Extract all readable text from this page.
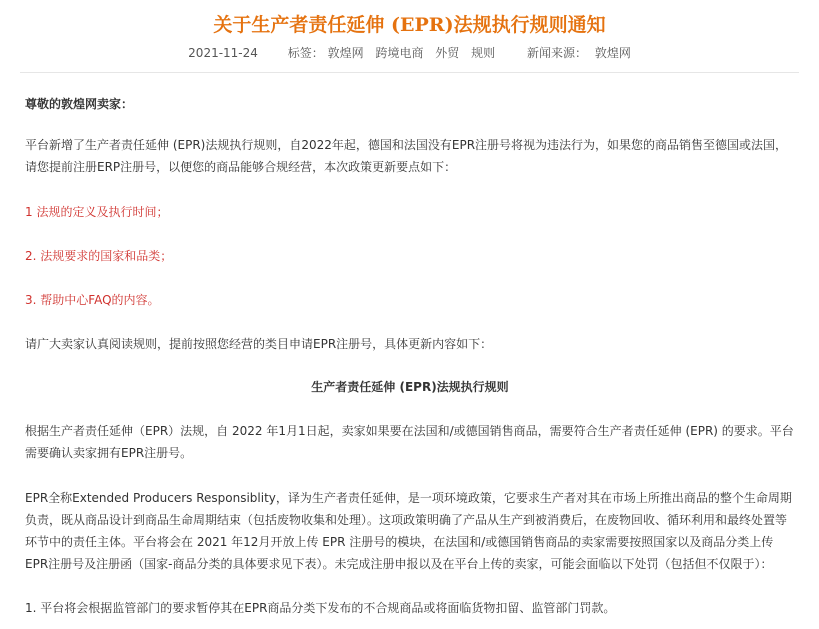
关于生产者责任延伸 (EPR)法规执行规则通知
2021-11-24 标签： 敦煌网 跨境电商 外贸 规则	新闻来源： 敦煌网
尊敬的敦煌网卖家：
平台新增了生产者责任延伸 (EPR)法规执行规则，自2022年起，德国和法国没有EPR注册号将视为违法行为，如果您的商品销售至德国或法国，请您提前注册ERP注册号，以便您的商品能够合规经营，本次政策更新要点如下：
1 法规的定义及执行时间；
2. 法规要求的国家和品类；
3. 帮助中心FAQ的内容。
请广大卖家认真阅读规则，提前按照您经营的类目申请EPR注册号，具体更新内容如下：
生产者责任延伸 (EPR)法规执行规则
根据生产者责任延伸（EPR）法规，自 2022 年1月1日起，卖家如果要在法国和/或德国销售商品，需要符合生产者责任延伸 (EPR) 的要求。平台需要确认卖家拥有EPR注册号。
EPR全称Extended Producers Responsiblity，译为生产者责任延伸，是一项环境政策，它要求生产者对其在市场上所推出商品的整个生命周期负责，既从商品设计到商品生命周期结束（包括废物收集和处理）。这项政策明确了产品从生产到被消费后，在废物回收、循环利用和最终处置等环节中的责任主体。平台将会在 2021 年12月开放上传 EPR 注册号的模块，在法国和/或德国销售商品的卖家需要按照国家以及商品分类上传EPR注册号及注册函（国家-商品分类的具体要求见下表）。未完成注册申报以及在平台上传的卖家，可能会面临以下处罚（包括但不仅限于）：
1. 平台将会根据监管部门的要求暂停其在EPR商品分类下发布的不合规商品或将面临货物扣留、监管部门罚款。
